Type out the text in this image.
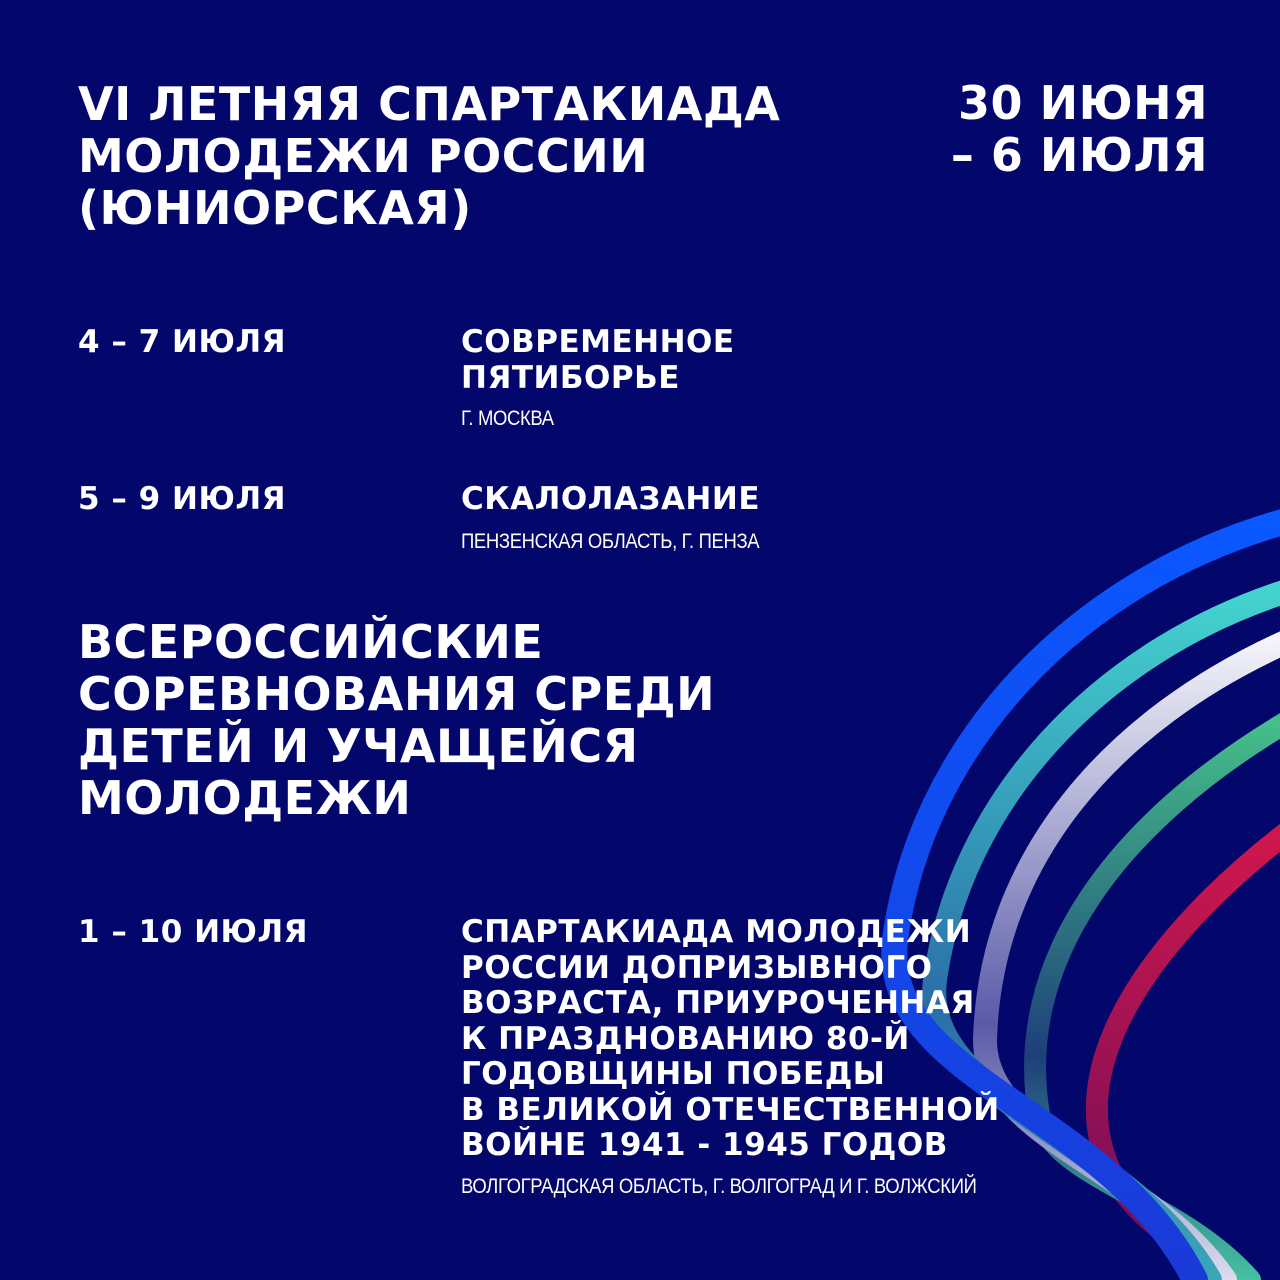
VI ЛЕТНЯЯ СПАРТАКИАДА
МОЛОДЕЖИ РОССИИ
(ЮНИОРСКАЯ)
30 ИЮНЯ
– 6 ИЮЛЯ
4 – 7 ИЮЛЯ	СОВРЕМЕННОЕ
ПЯТИБОРЬЕ
Г. МОСКВА
5 – 9 ИЮЛЯ	СКАЛОЛАЗАНИЕ
ПЕНЗЕНСКАЯ ОБЛАСТЬ, Г. ПЕНЗА
ВСЕРОССИЙСКИЕ
СОРЕВНОВАНИЯ СРЕДИ
ДЕТЕЙ И УЧАЩЕЙСЯ
МОЛОДЕЖИ
1 – 10 ИЮЛЯ	СПАРТАКИАДА МОЛОДЕЖИ
РОССИИ ДОПРИЗЫВНОГО
ВОЗРАСТА, ПРИУРОЧЕННАЯ
К ПРАЗДНОВАНИЮ 80-Й
ГОДОВЩИНЫ ПОБЕДЫ
В ВЕЛИКОЙ ОТЕЧЕСТВЕННОЙ
ВОЙНЕ 1941 - 1945 ГОДОВ
ВОЛГОГРАДСКАЯ ОБЛАСТЬ, Г. ВОЛГОГРАД И Г. ВОЛЖСКИЙ
